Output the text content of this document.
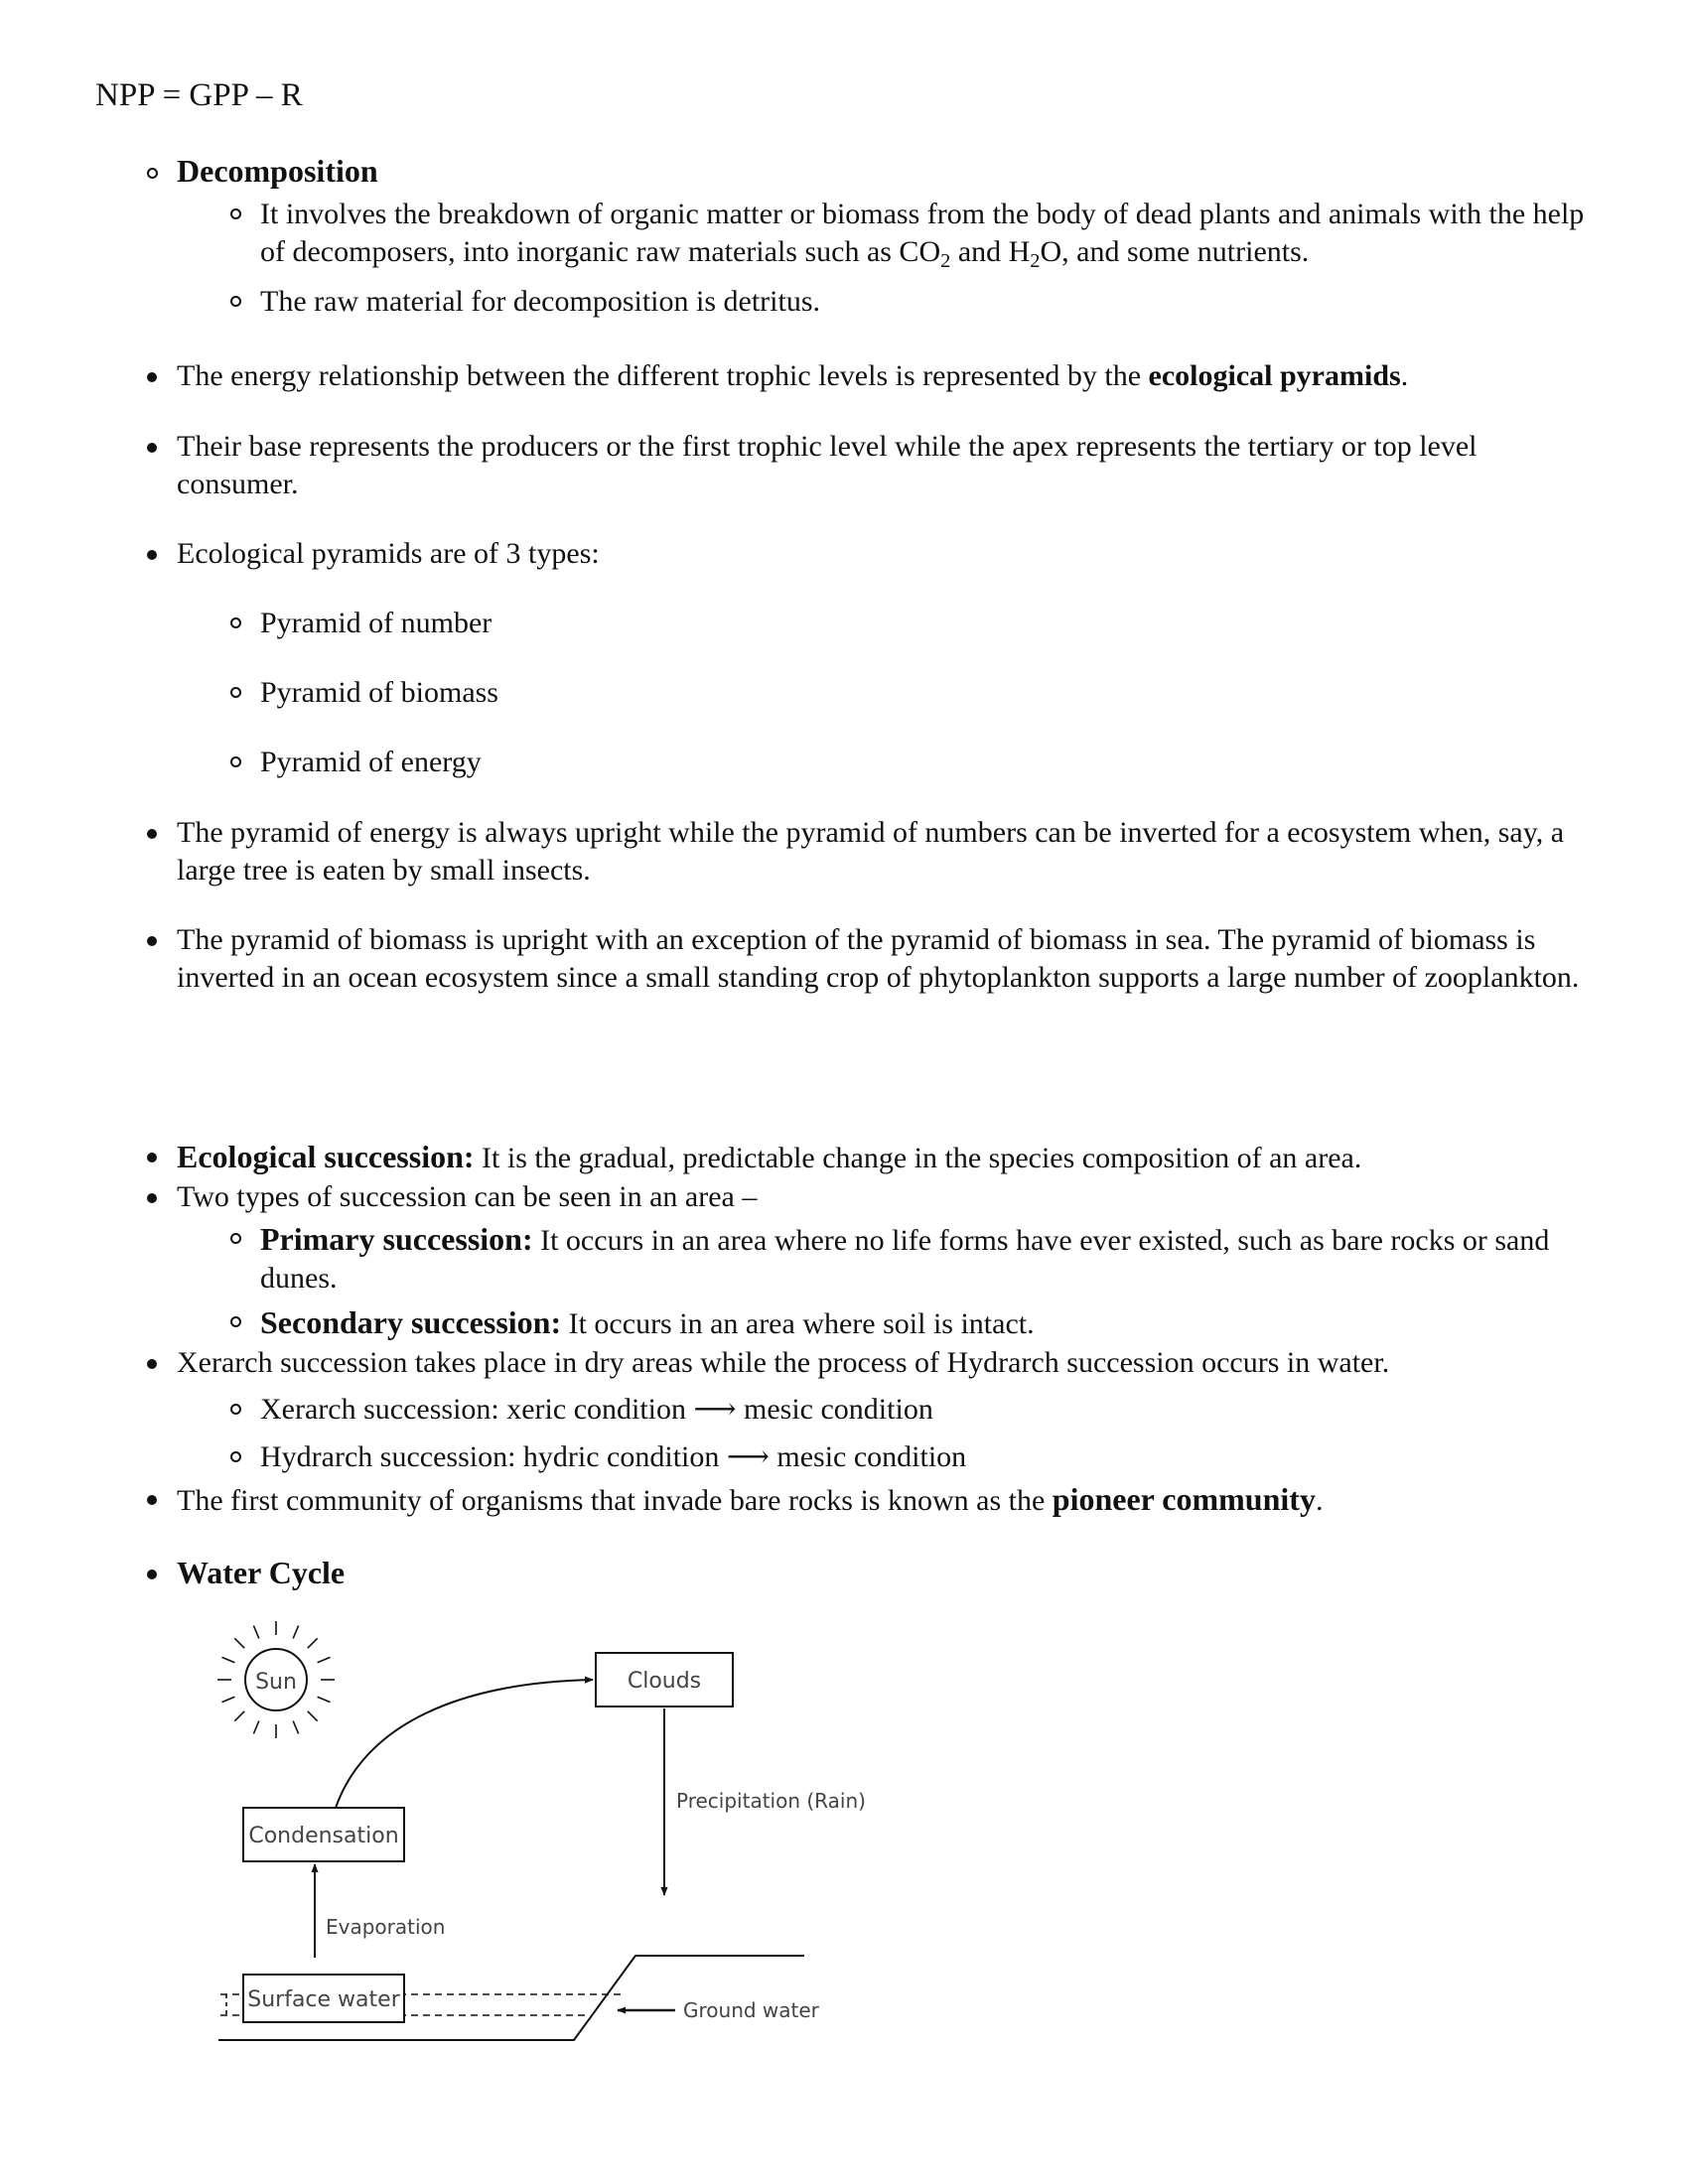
NPP = GPP – R
Decomposition
It involves the breakdown of organic matter or biomass from the body of dead plants and animals with the help of decomposers, into inorganic raw materials such as $CO_2$ and $H_2O$, and some nutrients.
The raw material for decomposition is detritus.
The energy relationship between the different trophic levels is represented by the ecological pyramids.
Their base represents the producers or the first trophic level while the apex represents the tertiary or top level consumer.
Ecological pyramids are of 3 types:
Pyramid of number
Pyramid of biomass
Pyramid of energy
The pyramid of energy is always upright while the pyramid of numbers can be inverted for a ecosystem when, say, a large tree is eaten by small insects.
The pyramid of biomass is upright with an exception of the pyramid of biomass in sea. The pyramid of biomass is inverted in an ocean ecosystem since a small standing crop of phytoplankton supports a large number of zooplankton.
Ecological succession: It is the gradual, predictable change in the species composition of an area.
Two types of succession can be seen in an area –
Primary succession: It occurs in an area where no life forms have ever existed, such as bare rocks or sand dunes.
Secondary succession: It occurs in an area where soil is intact.
Xerarch succession takes place in dry areas while the process of Hydrarch succession occurs in water.
Xerarch succession: xeric condition ⟶ mesic condition
Hydrarch succession: hydric condition ⟶ mesic condition
The first community of organisms that invade bare rocks is known as the pioneer community.
Water Cycle
Sun	Clouds
Condensation
Precipitation (Rain)
Evaporation
Surface water	Ground water
